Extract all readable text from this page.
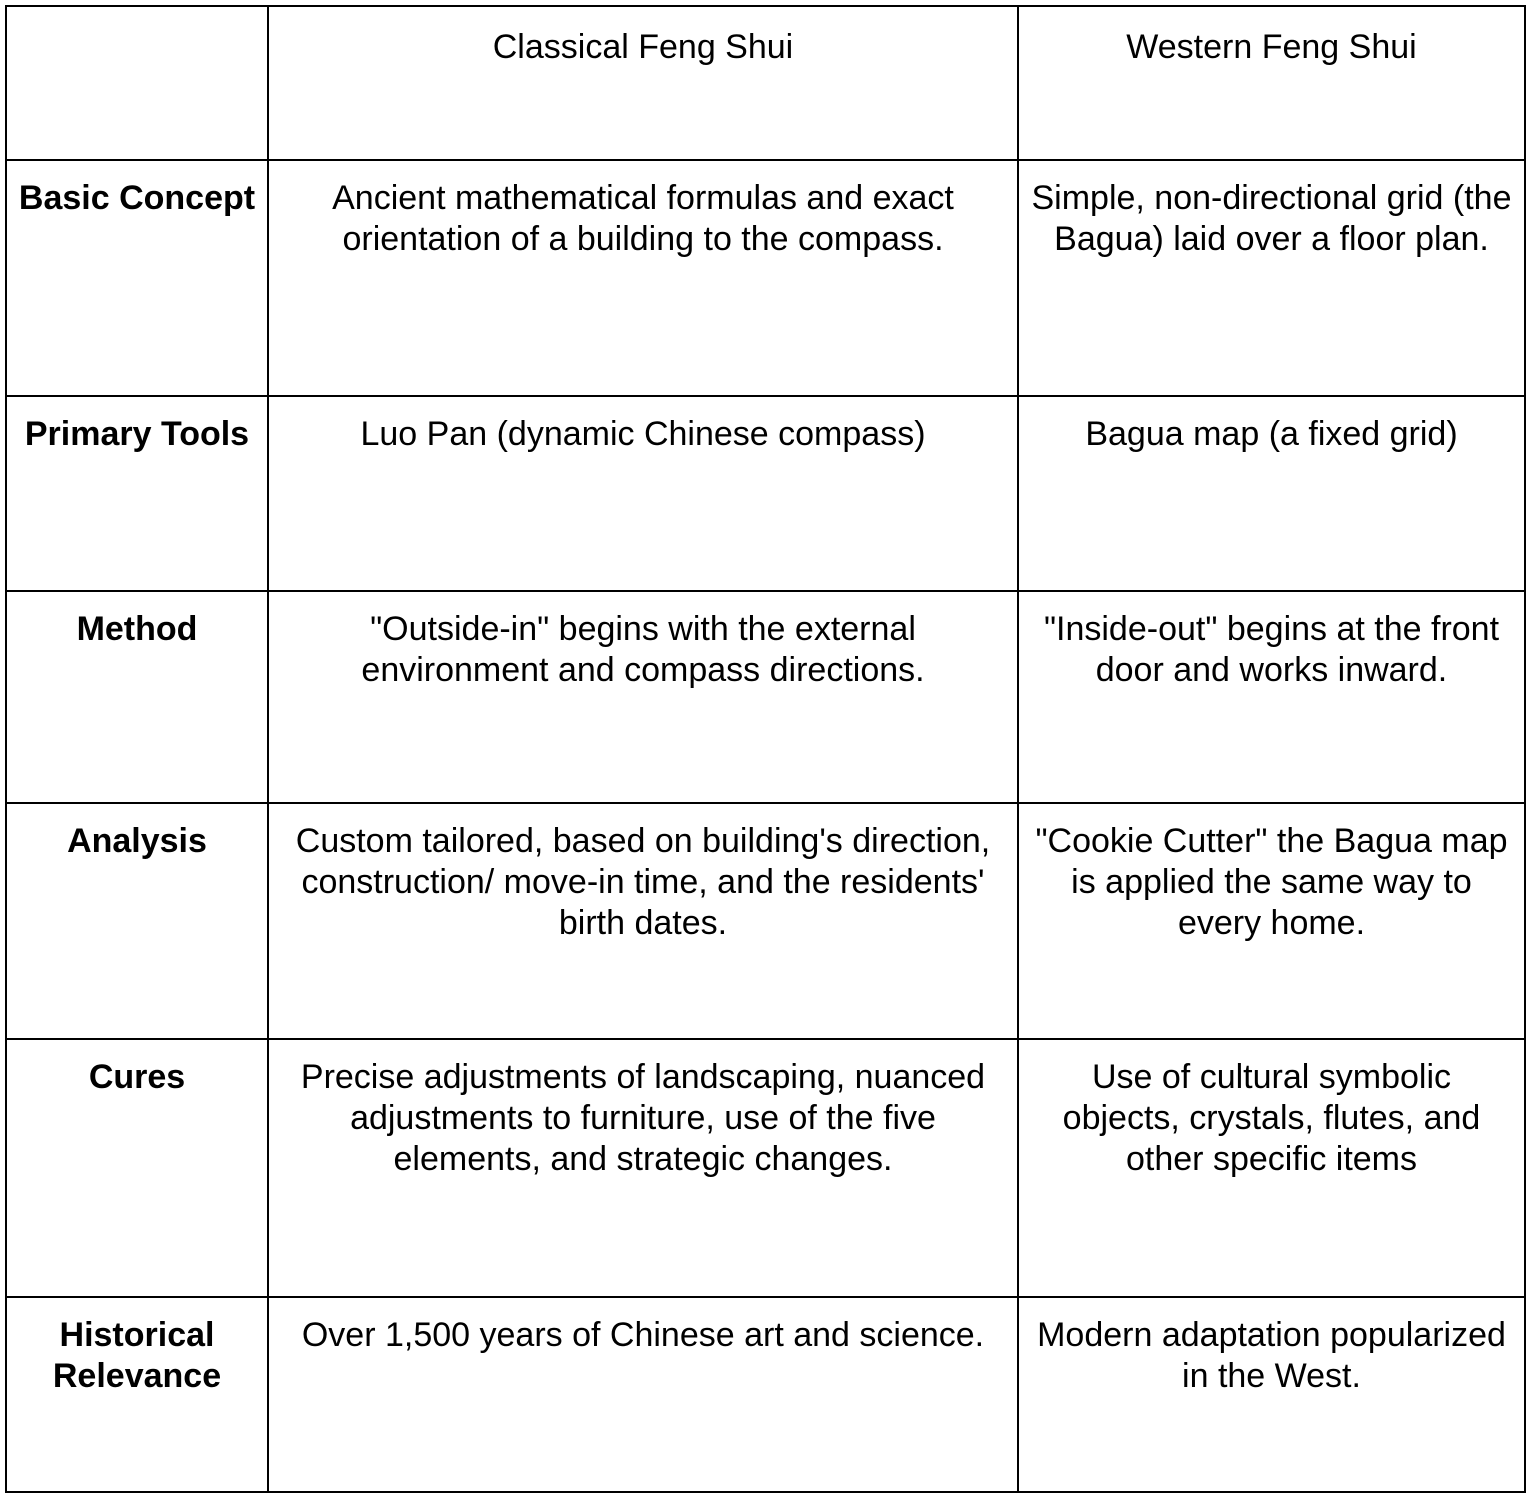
	Classical Feng Shui	Western Feng Shui
Basic Concept	Ancient mathematical formulas and exact orientation of a building to the compass.	Simple, non-directional grid (the Bagua) laid over a floor plan.
Primary Tools	Luo Pan (dynamic Chinese compass)	Bagua map (a fixed grid)
Method	"Outside-in" begins with the external environment and compass directions.	"Inside-out" begins at the front door and works inward.
Analysis	Custom tailored, based on building's direction, construction/ move-in time, and the residents' birth dates.	"Cookie Cutter" the Bagua map is applied the same way to every home.
Cures	Precise adjustments of landscaping, nuanced adjustments to furniture, use of the five elements, and strategic changes.	Use of cultural symbolic objects, crystals, flutes, and other specific items
Historical Relevance	Over 1,500 years of Chinese art and science.	Modern adaptation popularized in the West.
